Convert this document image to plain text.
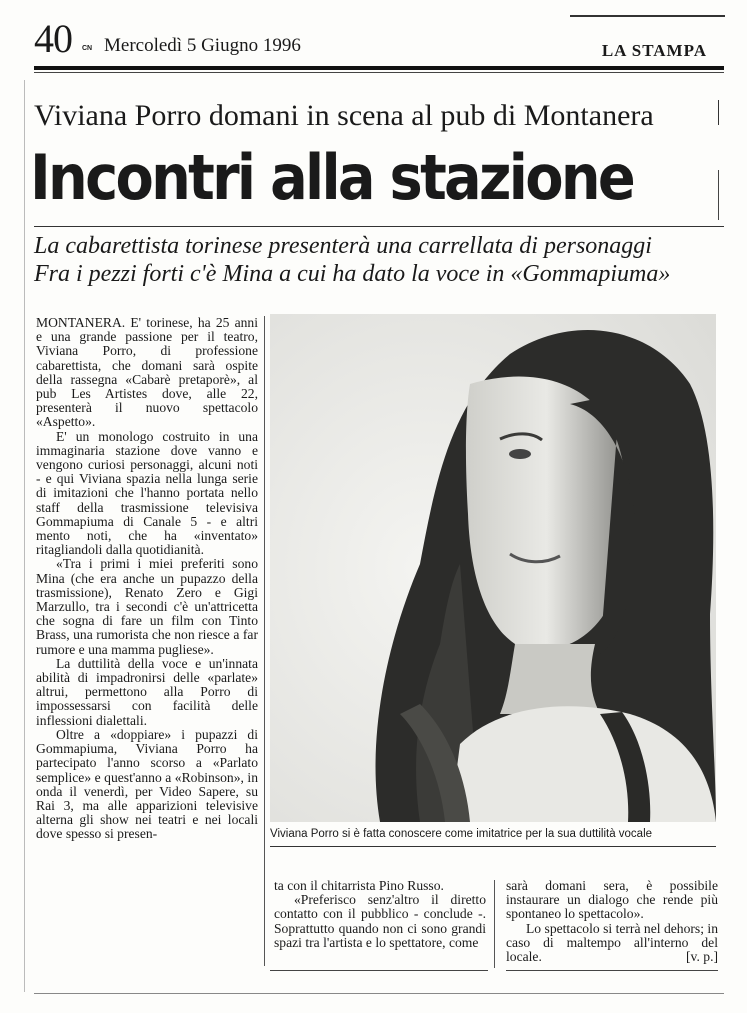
40 CN Mercoledì 5 Giugno 1996	LA STAMPA
Viviana Porro domani in scena al pub di Montanera
Incontri alla stazione
La cabarettista torinese presenterà una carrellata di personaggi
Fra i pezzi forti c'è Mina a cui ha dato la voce in «Gommapiuma»

MONTANERA. E' torinese, ha 25 anni e una grande passione per il teatro, Viviana Porro, di professione cabarettista, che domani sarà ospite della rassegna «Cabarè pretaporè», al pub Les Artistes dove, alle 22, presenterà il nuovo spettacolo «Aspetto».

E' un monologo costruito in una immaginaria stazione dove vanno e vengono curiosi personaggi, alcuni noti - e qui Viviana spazia nella lunga serie di imitazioni che l'hanno portata nello staff della trasmissione televisiva Gommapiuma di Canale 5 - e altri mento noti, che ha «inventato» ritagliandoli dalla quotidianità.

«Tra i primi i miei preferiti sono Mina (che era anche un pupazzo della trasmissione), Renato Zero e Gigi Marzullo, tra i secondi c'è un'attricetta che sogna di fare un film con Tinto Brass, una rumorista che non riesce a far rumore e una mamma pugliese».

La duttilità della voce e un'innata abilità di impadronirsi delle «parlate» altrui, permettono alla Porro di impossessarsi con facilità delle inflessioni dialettali.

Oltre a «doppiare» i pupazzi di Gommapiuma, Viviana Porro ha partecipato l'anno scorso a «Parlato semplice» e quest'anno a «Robinson», in onda il venerdì, per Video Sapere, su Rai 3, ma alle apparizioni televisive alterna gli show nei teatri e nei locali dove spesso si presen-	Viviana Porro si è fatta conoscere come imitatrice per la sua duttilità vocale

ta con il chitarrista Pino Russo.

«Preferisco senz'altro il diretto contatto con il pubblico - conclude -. Soprattutto quando non ci sono grandi spazi tra l'artista e lo spettatore, come

sarà domani sera, è possibile instaurare un dialogo che rende più spontaneo lo spettacolo».

Lo spettacolo si terrà nel dehors; in caso di maltempo all'interno del locale.	[v. p.]
